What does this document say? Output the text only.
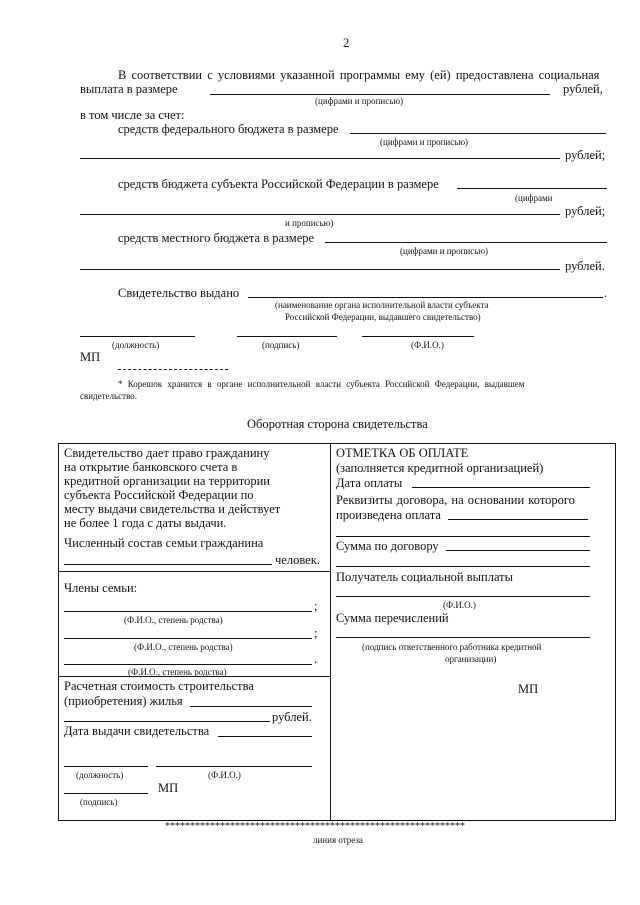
2
В соответствии с условиями указанной программы ему (ей) предоставлена социальная
выплата в размере	рублей,
(цифрами и прописью)
в том числе за счет:
средств федерального бюджета в размере
(цифрами и прописью)
рублей;
средств бюджета субъекта Российской Федерации в размере
(цифрами
рублей;
и прописью)
средств местного бюджета в размере
(цифрами и прописью)
рублей.
Свидетельство выдано	.
(наименование органа исполнительной власти субъекта
Российской Федерации, выдавшего свидетельство)
(должность)	(подпись)	(Ф.И.О.)
МП
* Корешок хранится в органе исполнительной власти субъекта Российской Федерации, выдавшем
свидетельство.
Оборотная сторона свидетельства
Свидетельство дает право гражданину
на открытие банковского счета в
кредитной организации на территории
субъекта Российской Федерации по
месту выдачи свидетельства и действует
не более 1 года с даты выдачи.
Численный состав семьи гражданина
человек.
Члены семьи:
;
(Ф.И.О., степень родства)
;
(Ф.И.О., степень родства)
.
(Ф.И.О., степень родства)
Расчетная стоимость строительства
(приобретения) жилья
рублей.
Дата выдачи свидетельства
(должность)	(Ф.И.О.)
МП
(подпись)
ОТМЕТКА ОБ ОПЛАТЕ
(заполняется кредитной организацией)
Дата оплаты
Реквизиты договора, на основании которого
произведена оплата
Сумма по договору
Получатель социальной выплаты
(Ф.И.О.)
Сумма перечислений
(подпись ответственного работника кредитной
организации)
МП
************************************************************
линия отреза
